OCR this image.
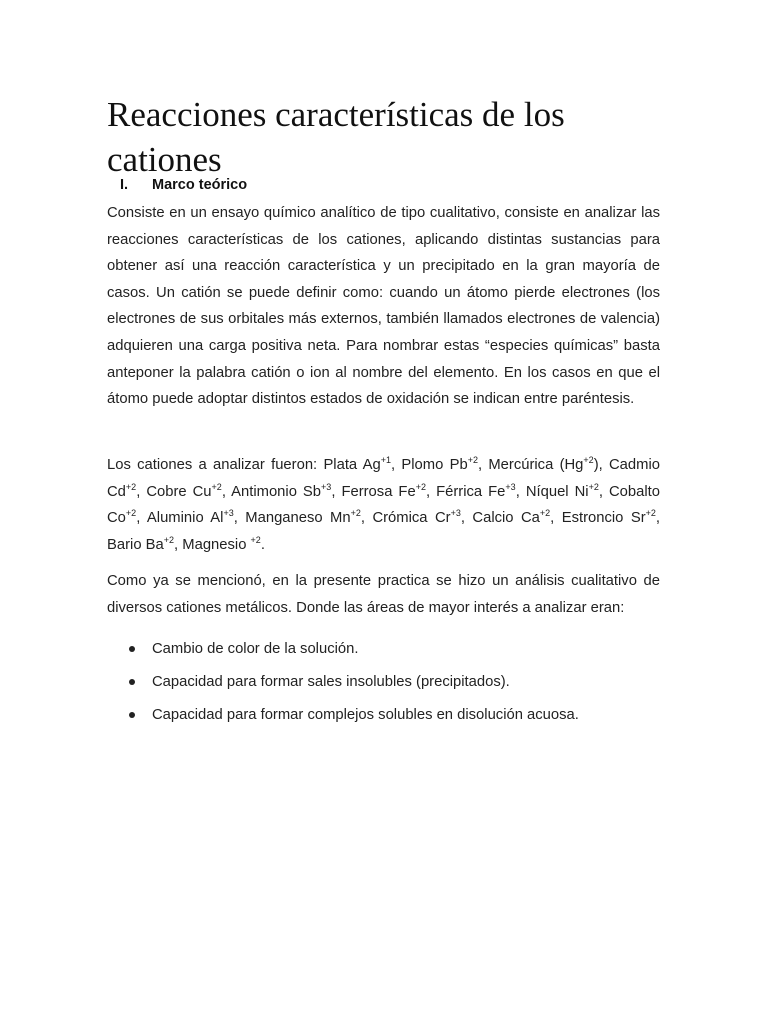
Reacciones características de los cationes
I. Marco teórico

Consiste en un ensayo químico analítico de tipo cualitativo, consiste en analizar las reacciones características de los cationes, aplicando distintas sustancias para obtener así una reacción característica y un precipitado en la gran mayoría de casos. Un catión se puede definir como: cuando un átomo pierde electrones (los electrones de sus orbitales más externos, también llamados electrones de valencia) adquieren una carga positiva neta. Para nombrar estas “especies químicas” basta anteponer la palabra catión o ion al nombre del elemento. En los casos en que el átomo puede adoptar distintos estados de oxidación se indican entre paréntesis.

Los cationes a analizar fueron: Plata $Ag^{+1}$, Plomo $Pb^{+2}$, Mercúrica $(Hg^{+2})$, Cadmio $Cd^{+2}$, Cobre $Cu^{+2}$, Antimonio $Sb^{+3}$, Ferrosa $Fe^{+2}$, Férrica $Fe^{+3}$, Níquel $Ni^{+2}$, Cobalto $Co^{+2}$, Aluminio $Al^{+3}$, Manganeso $Mn^{+2}$, Crómica $Cr^{+3}$, Calcio $Ca^{+2}$, Estroncio $Sr^{+2}$, Bario $Ba^{+2}$, Magnesio $^{+2}$.

Como ya se mencionó, en la presente practica se hizo un análisis cualitativo de diversos cationes metálicos. Donde las áreas de mayor interés a analizar eran:

Cambio de color de la solución.
Capacidad para formar sales insolubles (precipitados).
Capacidad para formar complejos solubles en disolución acuosa.
